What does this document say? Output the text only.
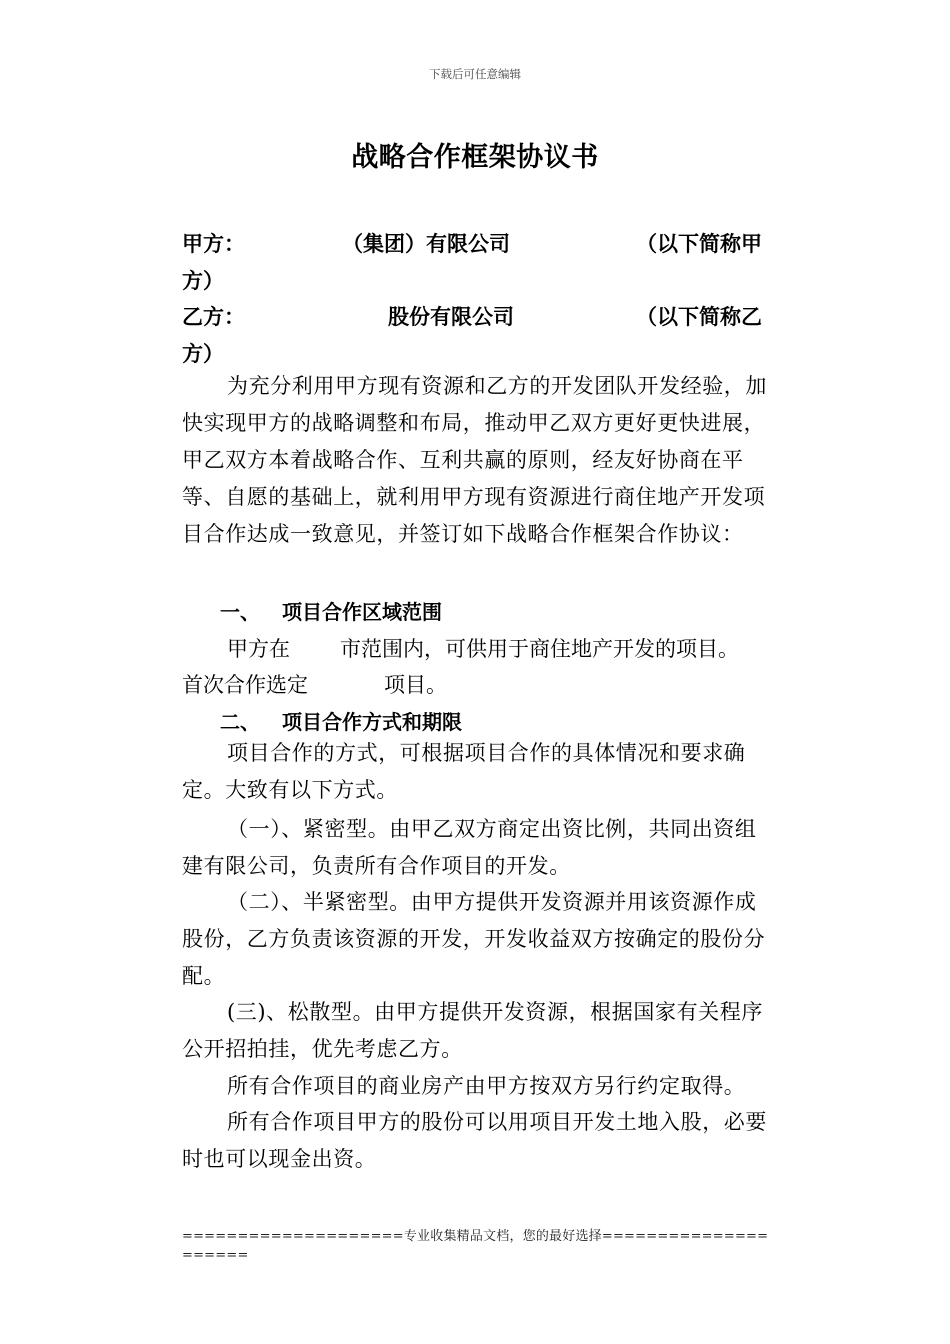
下载后可任意编辑
战略合作框架协议书
甲方：	（集团）有限公司	（以下简称甲
方）
乙方：	股份有限公司	（以下简称乙
方）
为充分利用甲方现有资源和乙方的开发团队开发经验，加快实现甲方的战略调整和布局，推动甲乙双方更好更快进展，甲乙双方本着战略合作、互利共赢的原则，经友好协商在平等、自愿的基础上，就利用甲方现有资源进行商住地产开发项目合作达成一致意见，并签订如下战略合作框架合作协议：
一、 项目合作区域范围
甲方在 市范围内，可供用于商住地产开发的项目。
首次合作选定	项目。
二、 项目合作方式和期限
项目合作的方式，可根据项目合作的具体情况和要求确定。大致有以下方式。
（一）、紧密型。由甲乙双方商定出资比例，共同出资组建有限公司，负责所有合作项目的开发。
（二）、半紧密型。由甲方提供开发资源并用该资源作成股份，乙方负责该资源的开发，开发收益双方按确定的股份分配。
(三)、松散型。由甲方提供开发资源，根据国家有关程序公开招拍挂，优先考虑乙方。
所有合作项目的商业房产由甲方按双方另行约定取得。
所有合作项目甲方的股份可以用项目开发土地入股，必要时也可以现金出资。
====================专业收集精品文档，您的最好选择=====================
